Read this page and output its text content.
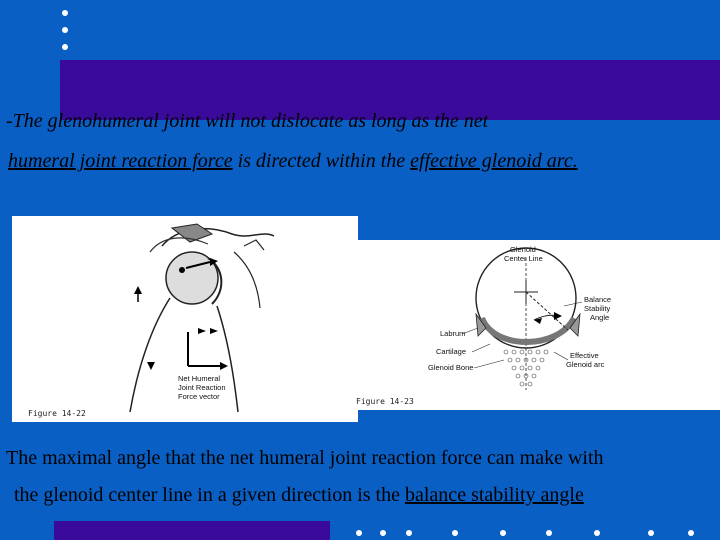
-The glenohumeral joint will not dislocate as long as the net
humeral joint reaction force is directed within the effective glenoid arc.
Net Humeral
Joint Reaction
Force vector
Figure 14-22
Glenoid
Center Line
Balance
Stability
Angle
Labrum
Cartilage
Glenoid Bone
Effective
Glenoid arc
Figure 14-23
The maximal angle that the net humeral joint reaction force can make with
the glenoid center line in a given direction is the balance stability angle
